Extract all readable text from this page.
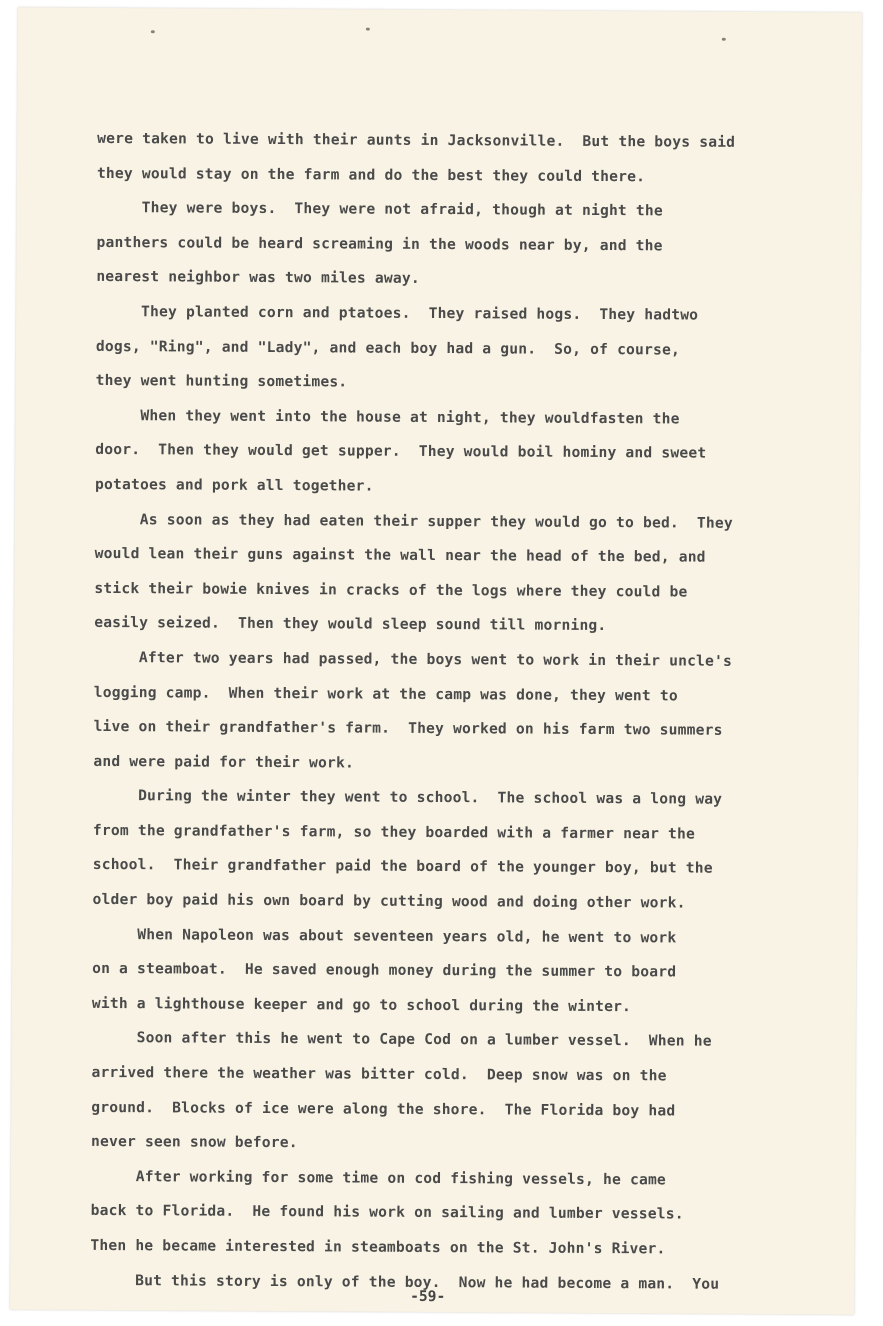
were taken to live with their aunts in Jacksonville.  But the boys said
they would stay on the farm and do the best they could there.
They were boys.  They were not afraid, though at night the
panthers could be heard screaming in the woods near by, and the
nearest neighbor was two miles away.
They planted corn and ptatoes.  They raised hogs.  They hadtwo
dogs, "Ring", and "Lady", and each boy had a gun.  So, of course,
they went hunting sometimes.
When they went into the house at night, they wouldfasten the
door.  Then they would get supper.  They would boil hominy and sweet
potatoes and pork all together.
As soon as they had eaten their supper they would go to bed.  They
would lean their guns against the wall near the head of the bed, and
stick their bowie knives in cracks of the logs where they could be
easily seized.  Then they would sleep sound till morning.
After two years had passed, the boys went to work in their uncle's
logging camp.  When their work at the camp was done, they went to
live on their grandfather's farm.  They worked on his farm two summers
and were paid for their work.
During the winter they went to school.  The school was a long way
from the grandfather's farm, so they boarded with a farmer near the
school.  Their grandfather paid the board of the younger boy, but the
older boy paid his own board by cutting wood and doing other work.
When Napoleon was about seventeen years old, he went to work
on a steamboat.  He saved enough money during the summer to board
with a lighthouse keeper and go to school during the winter.
Soon after this he went to Cape Cod on a lumber vessel.  When he
arrived there the weather was bitter cold.  Deep snow was on the
ground.  Blocks of ice were along the shore.  The Florida boy had
never seen snow before.
After working for some time on cod fishing vessels, he came
back to Florida.  He found his work on sailing and lumber vessels.
Then he became interested in steamboats on the St. John's River.
But this story is only of the boy.  Now he had become a man.  You
-59-
